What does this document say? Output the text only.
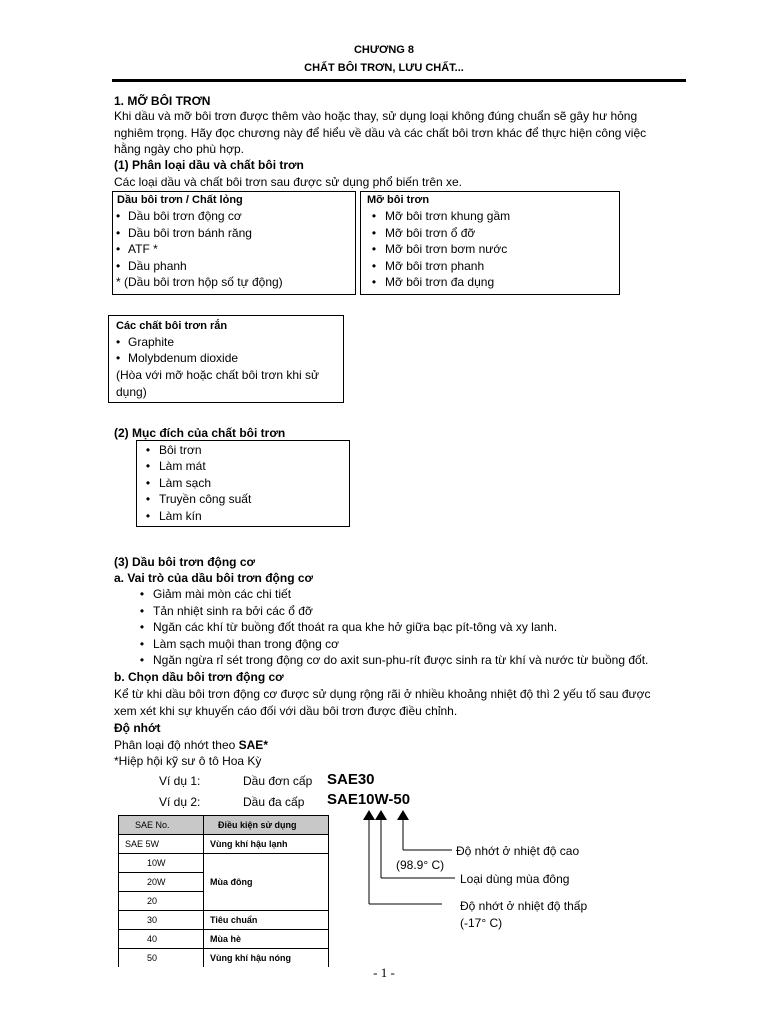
CHƯƠNG 8
CHẤT BÔI TRƠN, LƯU CHẤT...
1. MỠ BÔI TRƠN
Khi dầu và mỡ bôi trơn được thêm vào hoặc thay, sử dụng loại không đúng chuẩn sẽ gây hư hỏng
nghiêm trọng. Hãy đọc chương này để hiểu về dầu và các chất bôi trơn khác để thực hiện công việc
hằng ngày cho phù hợp.
(1) Phân loại dầu và chất bôi trơn
Các loại dầu và chất bôi trơn sau được sử dụng phổ biến trên xe.
Dầu bôi trơn / Chất lỏng
• Dầu bôi trơn động cơ
• Dầu bôi trơn bánh răng
• ATF *
• Dầu phanh
* (Dầu bôi trơn hộp số tự động)
Mỡ bôi trơn
• Mỡ bôi trơn khung gầm
• Mỡ bôi trơn ổ đỡ
• Mỡ bôi trơn bơm nước
• Mỡ bôi trơn phanh
• Mỡ bôi trơn đa dụng
Các chất bôi trơn rắn
• Graphite
• Molybdenum dioxide
(Hòa với mỡ hoặc chất bôi trơn khi sử
dụng)
(2) Mục đích của chất bôi trơn
• Bôi trơn
• Làm mát
• Làm sạch
• Truyền công suất
• Làm kín
(3) Dầu bôi trơn động cơ
a. Vai trò của dầu bôi trơn động cơ
• Giảm mài mòn các chi tiết
• Tản nhiệt sinh ra bởi các ổ đỡ
• Ngăn các khí từ buồng đốt thoát ra qua khe hở giữa bạc pít-tông và xy lanh.
• Làm sạch muội than trong động cơ
• Ngăn ngừa rỉ sét trong động cơ do axit sun-phu-rít được sinh ra từ khí và nước từ buồng đốt.
b. Chọn dầu bôi trơn động cơ
Kể từ khi dầu bôi trơn động cơ được sử dụng rộng rãi ở nhiều khoảng nhiệt độ thì 2 yếu tố sau được
xem xét khi sự khuyến cáo đối với dầu bôi trơn được điều chỉnh.
Độ nhớt
Phân loại độ nhớt theo SAE*
*Hiệp hội kỹ sư ô tô Hoa Kỳ
Ví dụ 1:	Dầu đơn cấp SAE30
Ví dụ 2:	Dầu đa cấp SAE10W-50
SAE No.	Điều kiện sử dụng
SAE 5W	Vùng khí hậu lạnh
10W	
20W	Mùa đông
20	
30	Tiêu chuẩn
40	Mùa hè
50	Vùng khí hậu nóng
Độ nhớt ở nhiệt độ cao
(98.9° C)
Loại dùng mùa đông
Độ nhớt ở nhiệt độ thấp
(-17° C)
- 1 -
